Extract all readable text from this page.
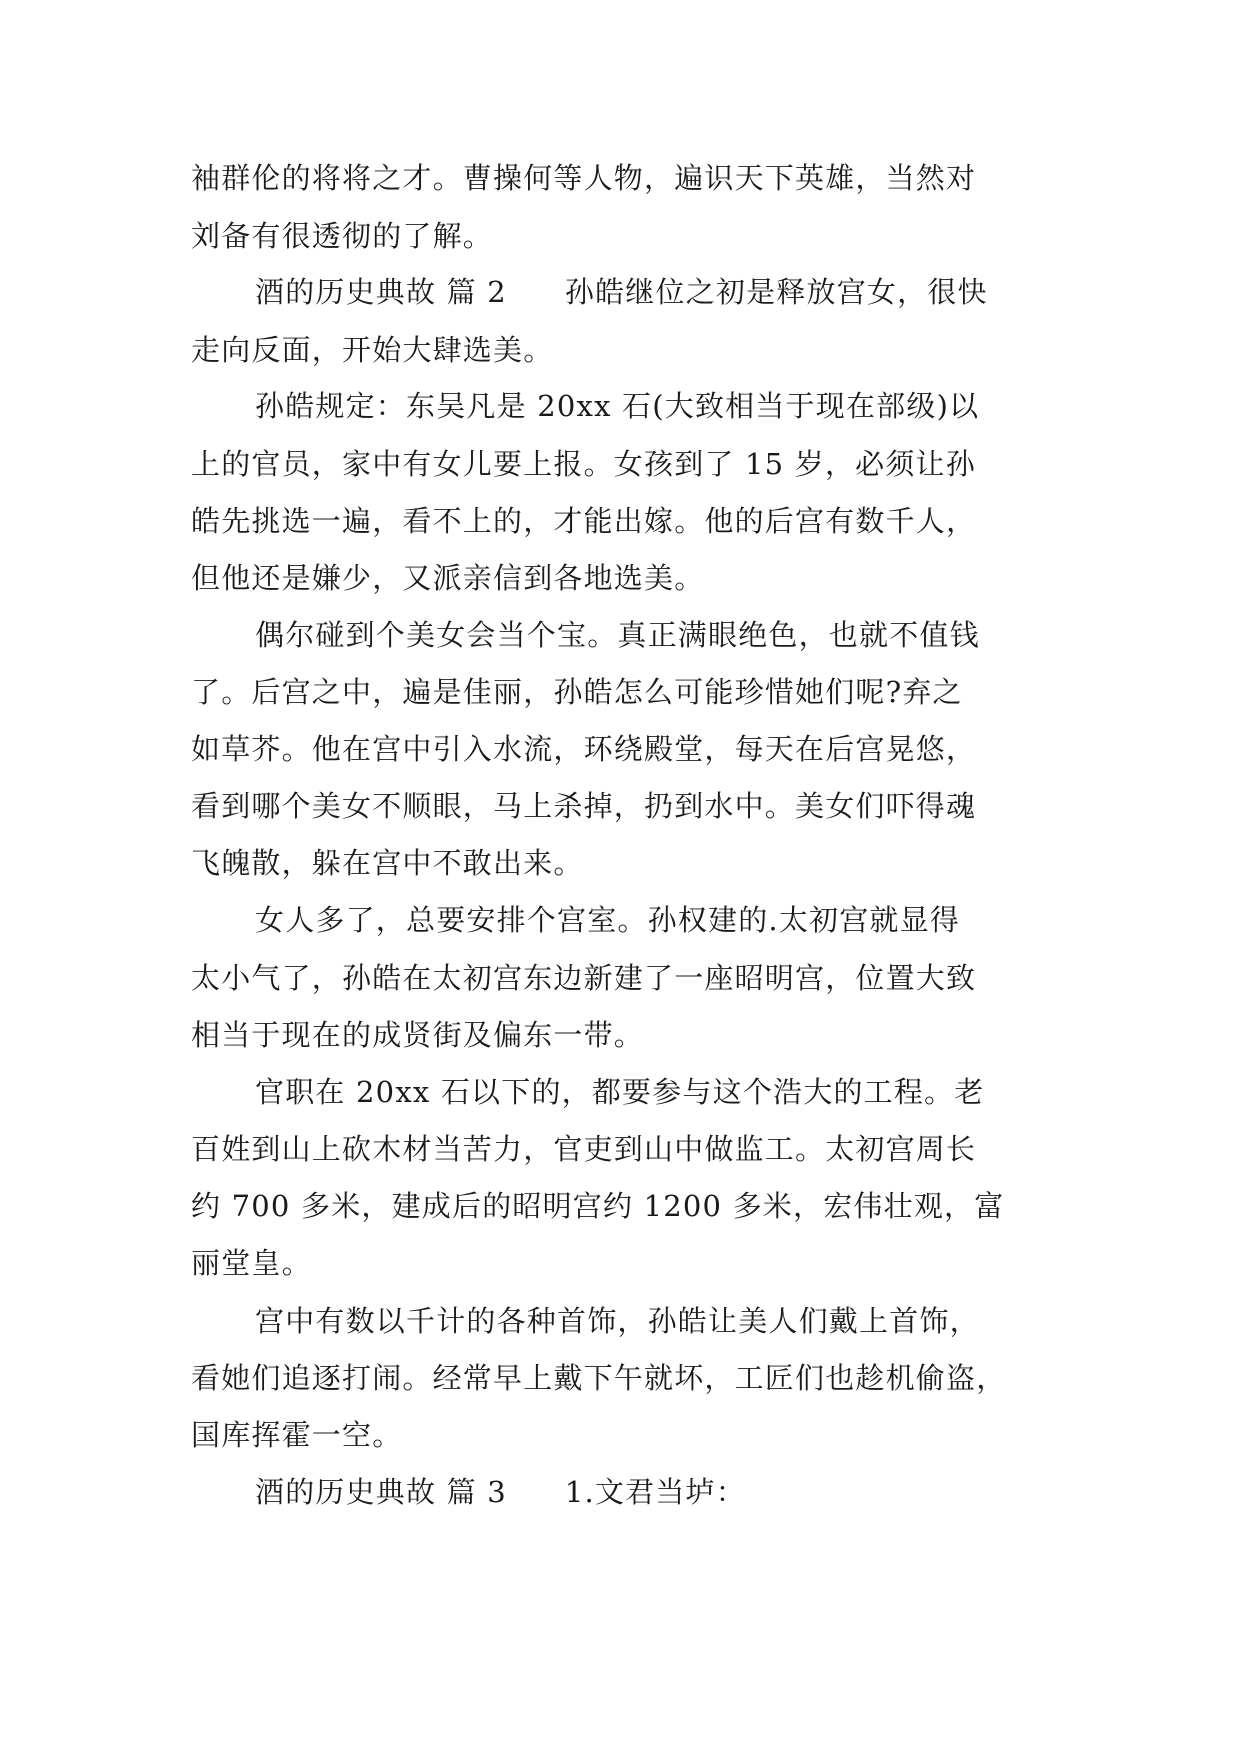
袖群伦的将将之才。曹操何等人物，遍识天下英雄，当然对
刘备有很透彻的了解。
酒的历史典故 篇 2 孙皓继位之初是释放宫女，很快
走向反面，开始大肆选美。
孙皓规定：东吴凡是 20xx 石(大致相当于现在部级)以
上的官员，家中有女儿要上报。女孩到了 15 岁，必须让孙
皓先挑选一遍，看不上的，才能出嫁。他的后宫有数千人，
但他还是嫌少，又派亲信到各地选美。
偶尔碰到个美女会当个宝。真正满眼绝色，也就不值钱
了。后宫之中，遍是佳丽，孙皓怎么可能珍惜她们呢?弃之
如草芥。他在宫中引入水流，环绕殿堂，每天在后宫晃悠，
看到哪个美女不顺眼，马上杀掉，扔到水中。美女们吓得魂
飞魄散，躲在宫中不敢出来。
女人多了，总要安排个宫室。孙权建的.太初宫就显得
太小气了，孙皓在太初宫东边新建了一座昭明宫，位置大致
相当于现在的成贤街及偏东一带。
官职在 20xx 石以下的，都要参与这个浩大的工程。老
百姓到山上砍木材当苦力，官吏到山中做监工。太初宫周长
约 700 多米，建成后的昭明宫约 1200 多米，宏伟壮观，富
丽堂皇。
宫中有数以千计的各种首饰，孙皓让美人们戴上首饰，
看她们追逐打闹。经常早上戴下午就坏，工匠们也趁机偷盗，
国库挥霍一空。
酒的历史典故 篇 3 1.文君当垆：
